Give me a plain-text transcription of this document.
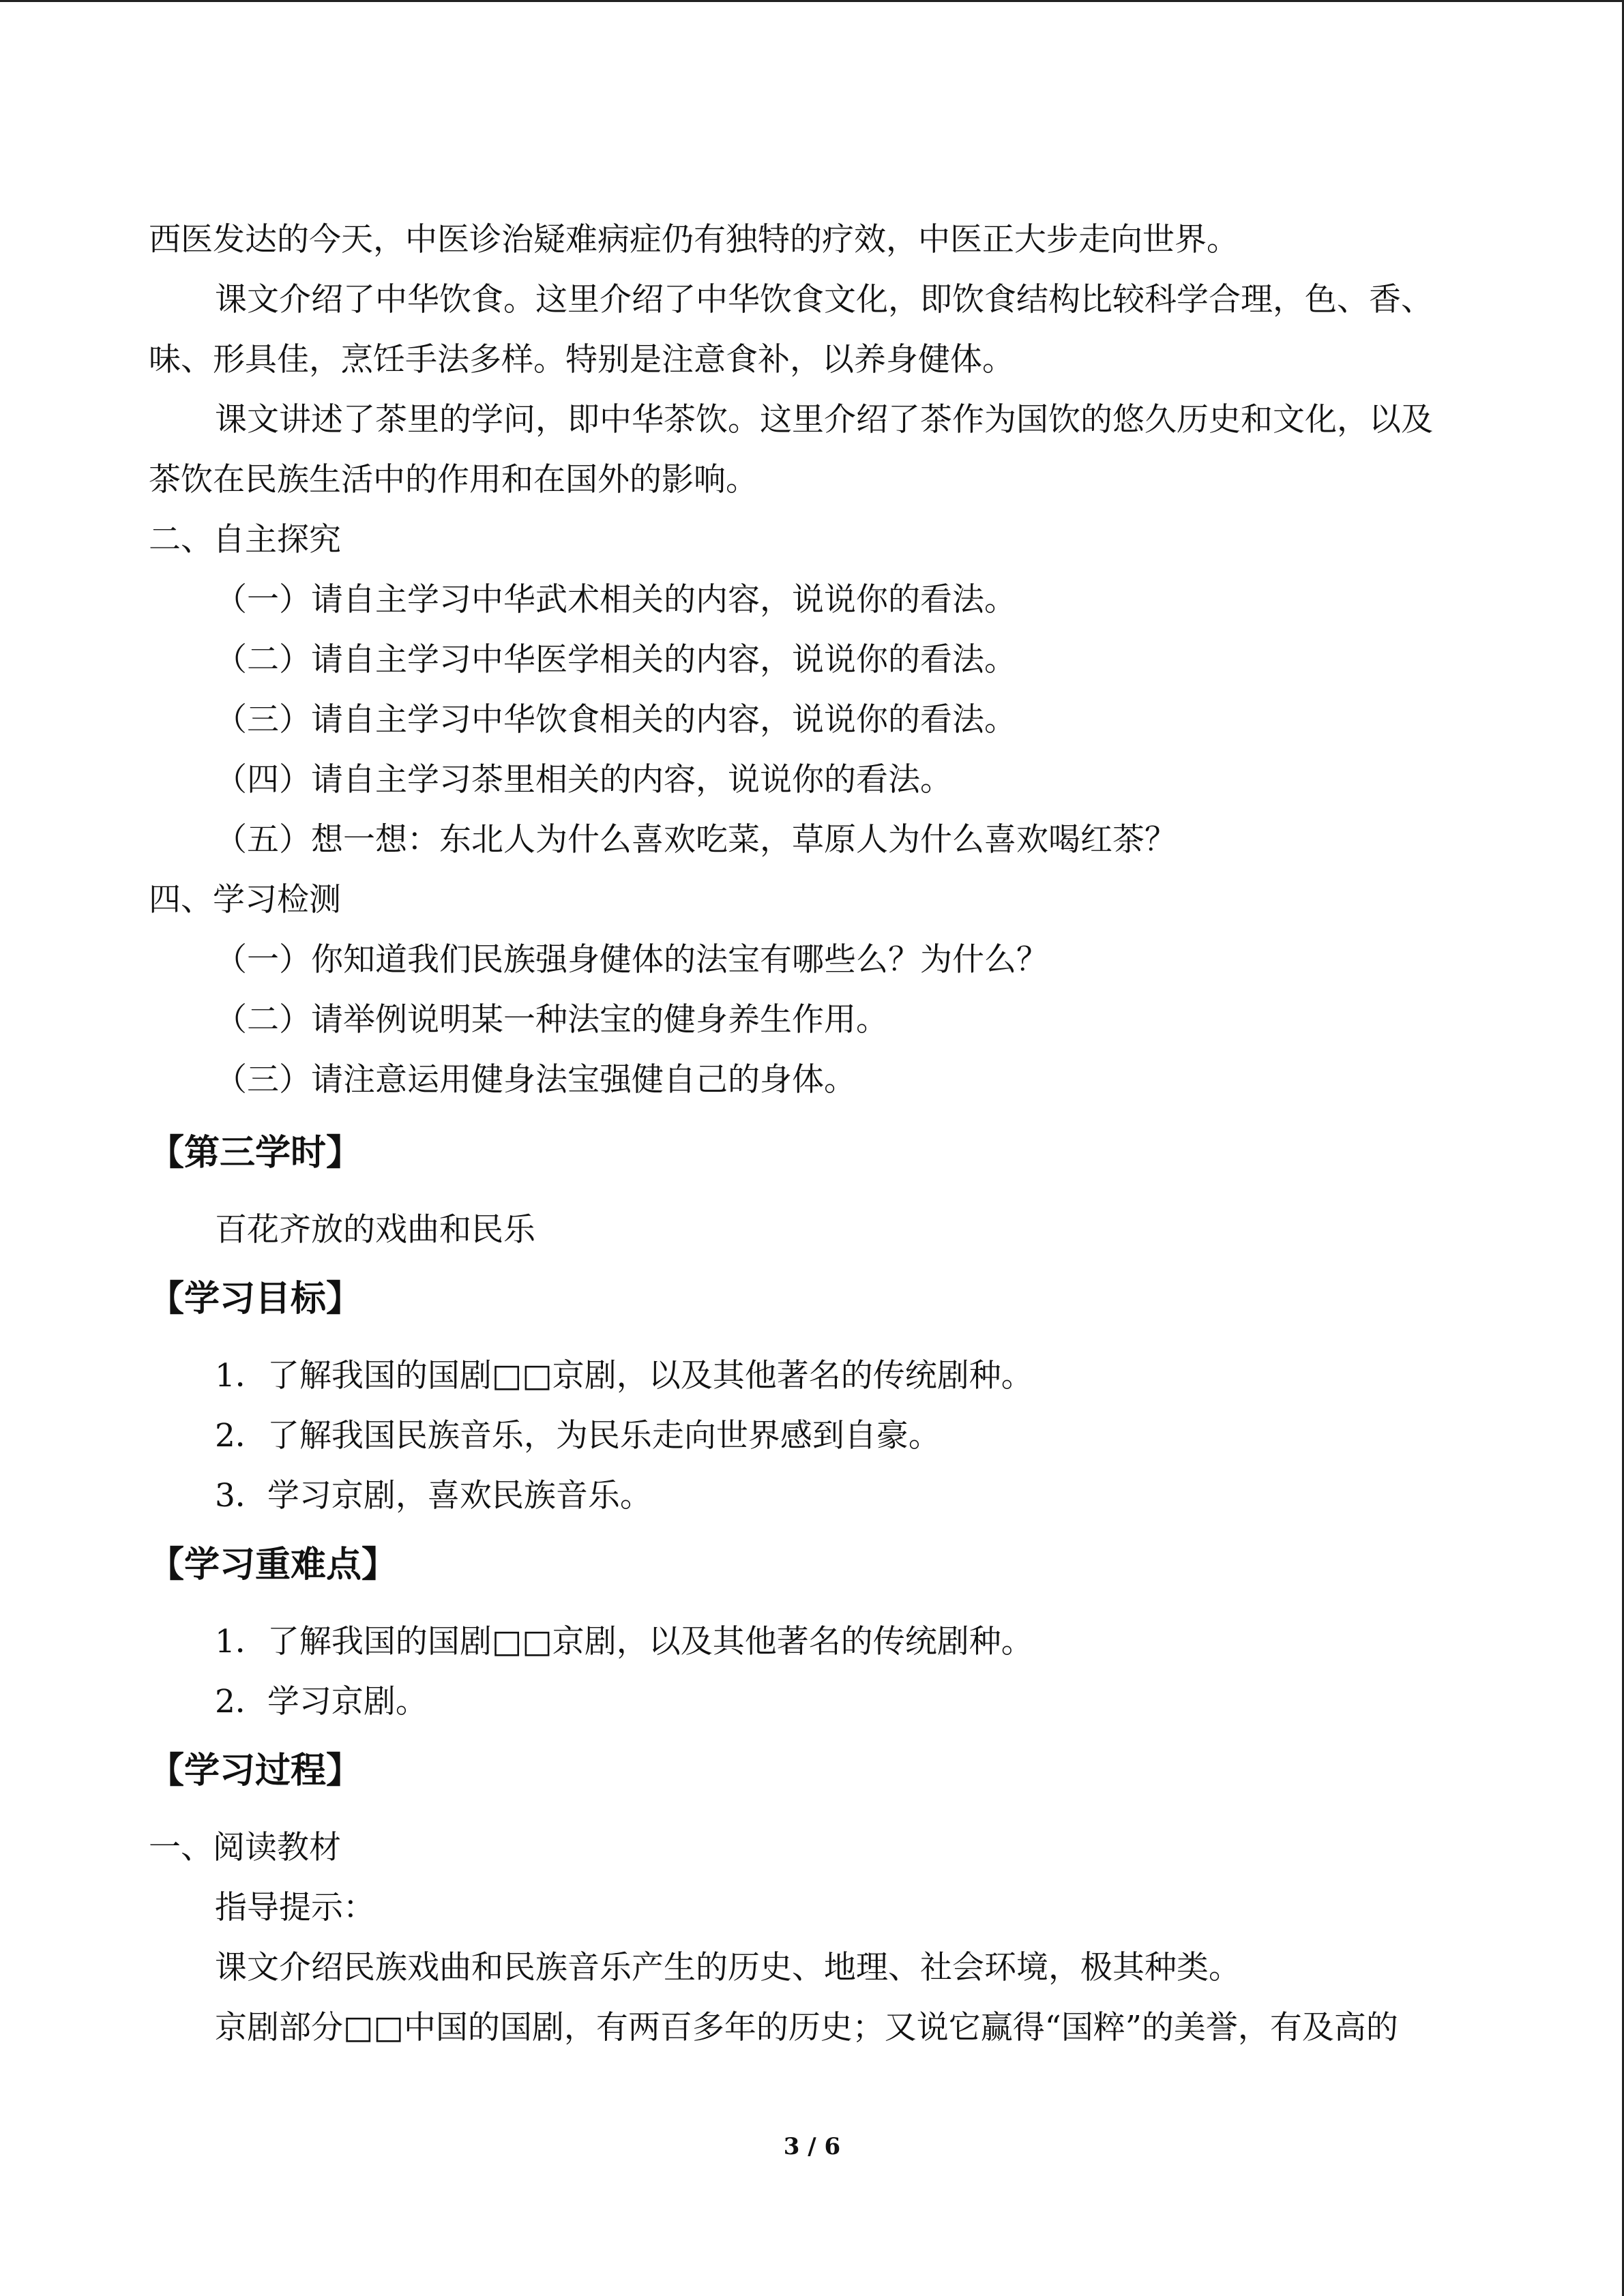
西医发达的今天，中医诊治疑难病症仍有独特的疗效，中医正大步走向世界。

课文介绍了中华饮食。这里介绍了中华饮食文化，即饮食结构比较科学合理，色、香、

味、形具佳，烹饪手法多样。特别是注意食补，以养身健体。

课文讲述了茶里的学问，即中华茶饮。这里介绍了茶作为国饮的悠久历史和文化，以及

茶饮在民族生活中的作用和在国外的影响。

二、自主探究

（一）请自主学习中华武术相关的内容，说说你的看法。

（二）请自主学习中华医学相关的内容，说说你的看法。

（三）请自主学习中华饮食相关的内容，说说你的看法。

（四）请自主学习茶里相关的内容，说说你的看法。

（五）想一想：东北人为什么喜欢吃菜，草原人为什么喜欢喝红茶？

四、学习检测

（一）你知道我们民族强身健体的法宝有哪些么？为什么？

（二）请举例说明某一种法宝的健身养生作用。

（三）请注意运用健身法宝强健自己的身体。

【第三学时】

百花齐放的戏曲和民乐

【学习目标】

1．了解我国的国剧□□京剧，以及其他著名的传统剧种。

2．了解我国民族音乐，为民乐走向世界感到自豪。

3．学习京剧，喜欢民族音乐。

【学习重难点】

1．了解我国的国剧□□京剧，以及其他著名的传统剧种。

2．学习京剧。

【学习过程】

一、阅读教材

指导提示：

课文介绍民族戏曲和民族音乐产生的历史、地理、社会环境，极其种类。

京剧部分□□中国的国剧，有两百多年的历史；又说它赢得“国粹”的美誉，有及高的

3 / 6
